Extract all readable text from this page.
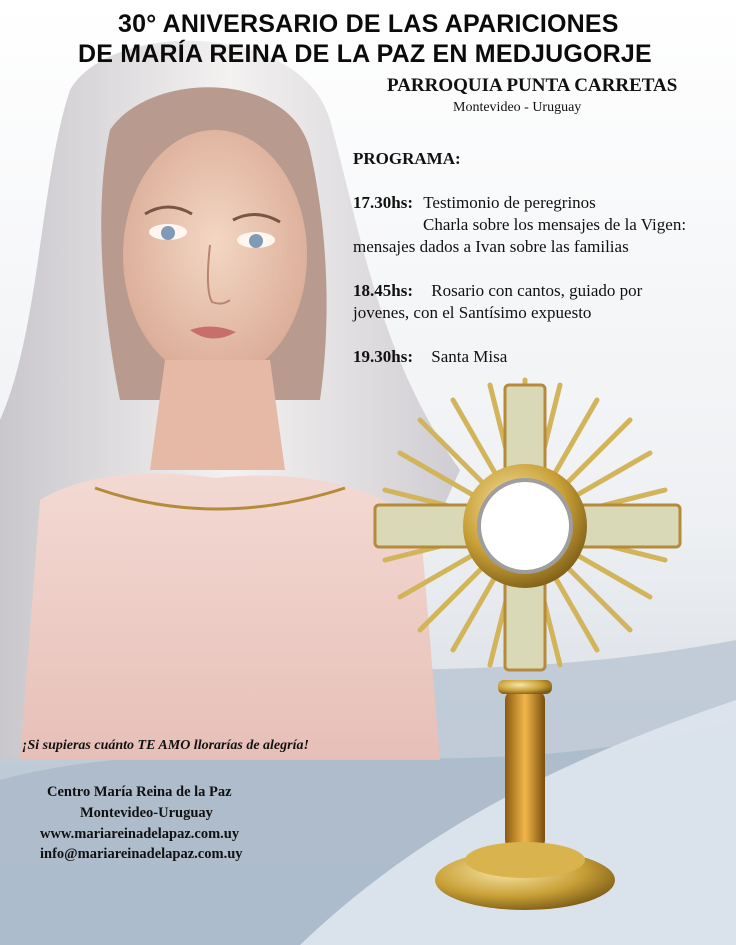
30° ANIVERSARIO DE LAS APARICIONES
DE MARÍA REINA DE LA PAZ EN MEDJUGORJE
PARROQUIA PUNTA CARRETAS
Montevideo - Uruguay
PROGRAMA:
17.30hs: Testimonio de peregrinos
Charla sobre los mensajes de la Vigen:
mensajes dados a Ivan sobre las familias
18.45hs: Rosario con cantos, guiado por
jovenes, con el Santísimo expuesto
19.30hs: Santa Misa
¡Si supieras cuánto TE AMO llorarías de alegría!
Centro María Reina de la Paz
Montevideo-Uruguay
www.mariareinadelapaz.com.uy
info@mariareinadelapaz.com.uy
